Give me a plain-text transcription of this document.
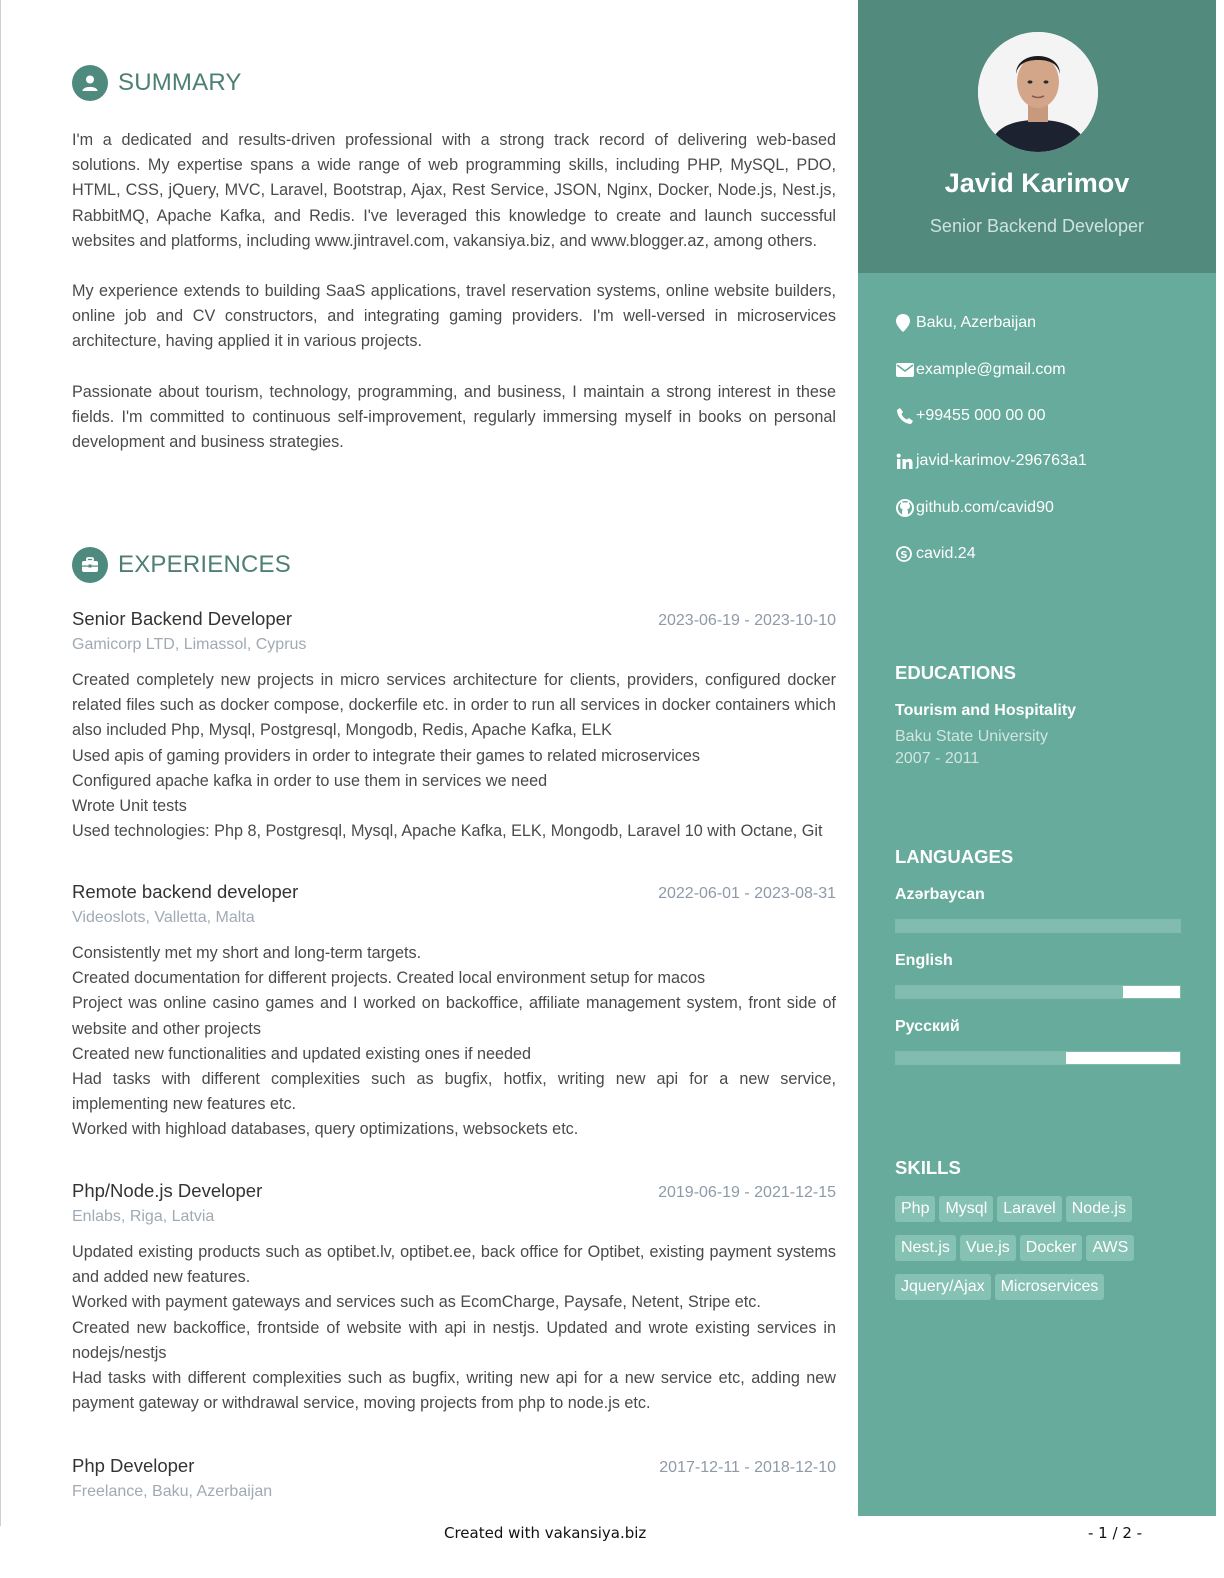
SUMMARY

I'm a dedicated and results-driven professional with a strong track record of delivering web-based solutions. My expertise spans a wide range of web programming skills, including PHP, MySQL, PDO, HTML, CSS, jQuery, MVC, Laravel, Bootstrap, Ajax, Rest Service, JSON, Nginx, Docker, Node.js, Nest.js, RabbitMQ, Apache Kafka, and Redis. I've leveraged this knowledge to create and launch successful websites and platforms, including www.jintravel.com, vakansiya.biz, and www.blogger.az, among others.

My experience extends to building SaaS applications, travel reservation systems, online website builders, online job and CV constructors, and integrating gaming providers. I'm well-versed in microservices architecture, having applied it in various projects.

Passionate about tourism, technology, programming, and business, I maintain a strong interest in these fields. I'm committed to continuous self-improvement, regularly immersing myself in books on personal development and business strategies.

EXPERIENCES
Senior Backend Developer	2023-06-19 - 2023-10-10
Gamicorp LTD, Limassol, Cyprus
Created completely new projects in micro services architecture for clients, providers, configured docker related files such as docker compose, dockerfile etc. in order to run all services in docker containers which also included Php, Mysql, Postgresql, Mongodb, Redis, Apache Kafka, ELK
Used apis of gaming providers in order to integrate their games to related microservices
Configured apache kafka in order to use them in services we need
Wrote Unit tests
Used technologies: Php 8, Postgresql, Mysql, Apache Kafka, ELK, Mongodb, Laravel 10 with Octane, Git
Remote backend developer	2022-06-01 - 2023-08-31
Videoslots, Valletta, Malta
Consistently met my short and long-term targets.
Created documentation for different projects. Created local environment setup for macos
Project was online casino games and I worked on backoffice, affiliate management system, front side of website and other projects
Created new functionalities and updated existing ones if needed
Had tasks with different complexities such as bugfix, hotfix, writing new api for a new service, implementing new features etc.
Worked with highload databases, query optimizations, websockets etc.
Php/Node.js Developer	2019-06-19 - 2021-12-15
Enlabs, Riga, Latvia
Updated existing products such as optibet.lv, optibet.ee, back office for Optibet, existing payment systems and added new features.
Worked with payment gateways and services such as EcomCharge, Paysafe, Netent, Stripe etc.
Created new backoffice, frontside of website with api in nestjs. Updated and wrote existing services in nodejs/nestjs
Had tasks with different complexities such as bugfix, writing new api for a new service etc, adding new payment gateway or withdrawal service, moving projects from php to node.js etc.
Php Developer	2017-12-11 - 2018-12-10
Freelance, Baku, Azerbaijan
Javid Karimov
Senior Backend Developer
Baku, Azerbaijan
example@gmail.com
+99455 000 00 00
javid-karimov-296763a1
github.com/cavid90
S cavid.24
EDUCATIONS
Tourism and Hospitality
Baku State University
2007 - 2011
LANGUAGES
Azərbaycan
English
Русский
SKILLS
Php	Mysql	Laravel	Node.js
Nest.js	Vue.js	Docker	AWS
Jquery/Ajax	Microservices
Created with vakansiya.biz	- 1 / 2 -
